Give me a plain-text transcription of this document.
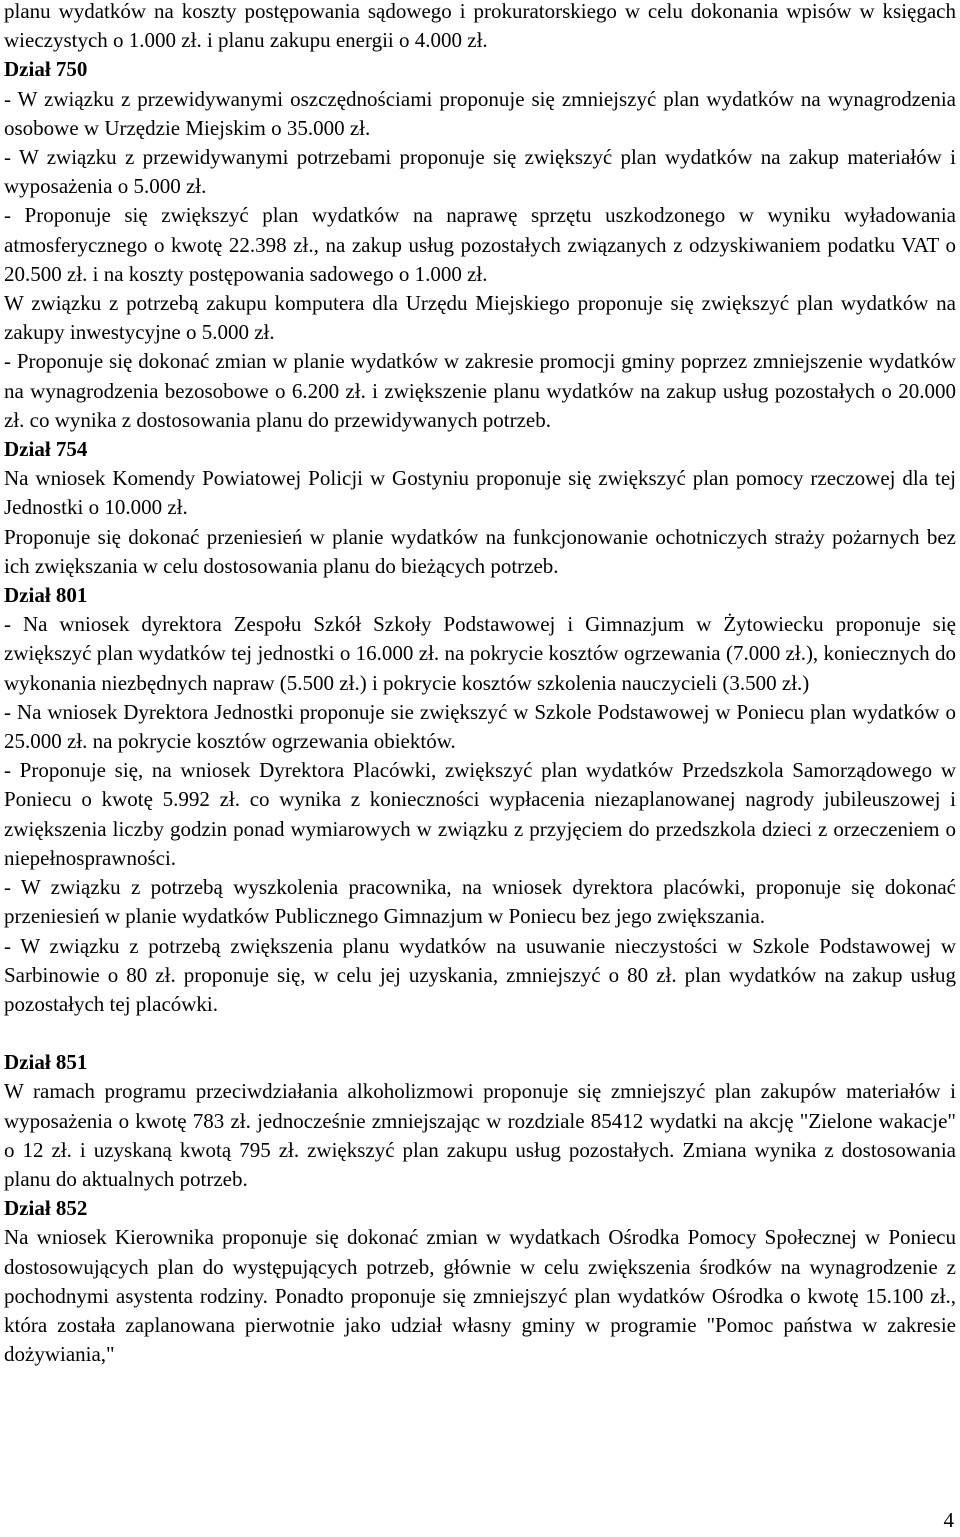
planu wydatków na koszty postępowania sądowego i prokuratorskiego w celu dokonania wpisów w księgach wieczystych o 1.000 zł. i planu zakupu energii o 4.000 zł.
Dział 750
- W związku z przewidywanymi oszczędnościami proponuje się zmniejszyć plan wydatków na wynagrodzenia osobowe w Urzędzie Miejskim o 35.000 zł.
- W związku z przewidywanymi potrzebami proponuje się zwiększyć plan wydatków na zakup materiałów i wyposażenia o 5.000 zł.
- Proponuje się zwiększyć plan wydatków na naprawę sprzętu uszkodzonego w wyniku wyładowania atmosferycznego o kwotę 22.398 zł., na zakup usług pozostałych związanych z odzyskiwaniem podatku VAT o 20.500 zł. i na koszty postępowania sadowego o 1.000 zł.
W związku z potrzebą zakupu komputera dla Urzędu Miejskiego proponuje się zwiększyć plan wydatków na zakupy inwestycyjne o 5.000 zł.
- Proponuje się dokonać zmian w planie wydatków w zakresie promocji gminy poprzez zmniejszenie wydatków na wynagrodzenia bezosobowe o 6.200 zł. i zwiększenie planu wydatków na zakup usług pozostałych o 20.000 zł. co wynika z dostosowania planu do przewidywanych potrzeb.
Dział 754
Na wniosek Komendy Powiatowej Policji w Gostyniu proponuje się zwiększyć plan pomocy rzeczowej dla tej Jednostki o 10.000 zł.
Proponuje się dokonać przeniesień w planie wydatków na funkcjonowanie ochotniczych straży pożarnych bez ich zwiększania w celu dostosowania planu do bieżących potrzeb.
Dział 801
- Na wniosek dyrektora Zespołu Szkół Szkoły Podstawowej i Gimnazjum w Żytowiecku proponuje się zwiększyć plan wydatków tej jednostki o 16.000 zł. na pokrycie kosztów ogrzewania (7.000 zł.), koniecznych do wykonania niezbędnych napraw (5.500 zł.) i pokrycie kosztów szkolenia nauczycieli (3.500 zł.)
- Na wniosek Dyrektora Jednostki proponuje sie zwiększyć w Szkole Podstawowej w Poniecu plan wydatków o 25.000 zł. na pokrycie kosztów ogrzewania obiektów.
- Proponuje się, na wniosek Dyrektora Placówki, zwiększyć plan wydatków Przedszkola Samorządowego w Poniecu o kwotę 5.992 zł. co wynika z konieczności wypłacenia niezaplanowanej nagrody jubileuszowej i zwiększenia liczby godzin ponad wymiarowych w związku z przyjęciem do przedszkola dzieci z orzeczeniem o niepełnosprawności.
- W związku z potrzebą wyszkolenia pracownika, na wniosek dyrektora placówki, proponuje się dokonać przeniesień w planie wydatków Publicznego Gimnazjum w Poniecu bez jego zwiększania.
- W związku z potrzebą zwiększenia planu wydatków na usuwanie nieczystości w Szkole Podstawowej w Sarbinowie o 80 zł. proponuje się, w celu jej uzyskania, zmniejszyć o 80 zł. plan wydatków na zakup usług pozostałych tej placówki.
Dział 851
W ramach programu przeciwdziałania alkoholizmowi proponuje się zmniejszyć plan zakupów materiałów i wyposażenia o kwotę 783 zł. jednocześnie zmniejszając w rozdziale 85412 wydatki na akcję "Zielone wakacje" o 12 zł. i uzyskaną kwotą 795 zł. zwiększyć plan zakupu usług pozostałych. Zmiana wynika z dostosowania planu do aktualnych potrzeb.
Dział 852
Na wniosek Kierownika proponuje się dokonać zmian w wydatkach Ośrodka Pomocy Społecznej w Poniecu dostosowujących plan do występujących potrzeb, głównie w celu zwiększenia środków na wynagrodzenie z pochodnymi asystenta rodziny. Ponadto proponuje się zmniejszyć plan wydatków Ośrodka o kwotę 15.100 zł., która została zaplanowana pierwotnie jako udział własny gminy w programie "Pomoc państwa w zakresie dożywiania,"
4
